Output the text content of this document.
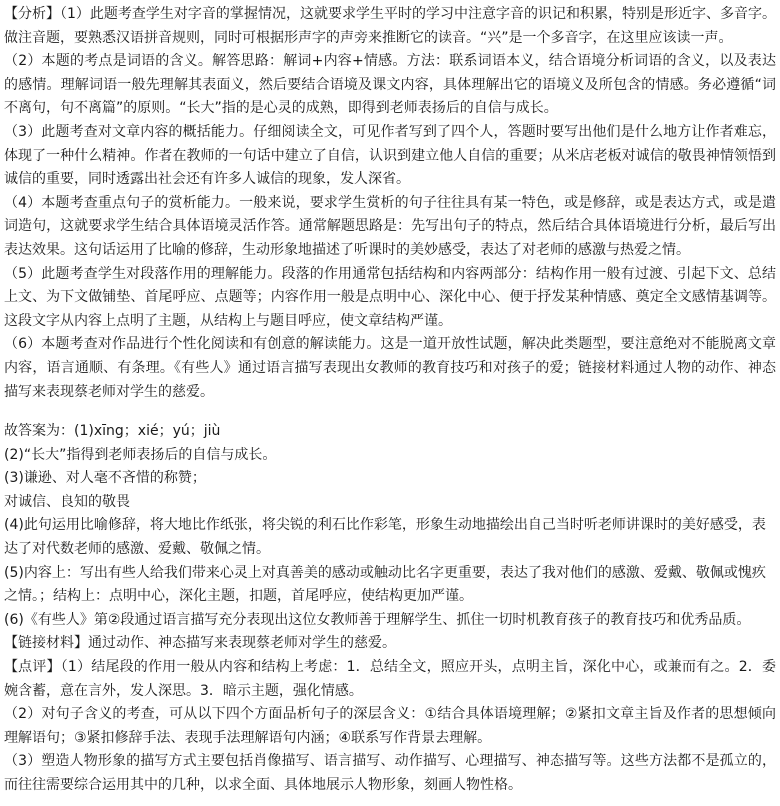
【分析】（1）此题考查学生对字音的掌握情况，这就要求学生平时的学习中注意字音的识记和积累，特别是形近字、多音字。做注音题，要熟悉汉语拼音规则，同时可根据形声字的声旁来推断它的读音。“兴”是一个多音字，在这里应该读一声。

（2）本题的考点是词语的含义。解答思路：解词+内容+情感。方法：联系词语本义，结合语境分析词语的含义，以及表达的感情。理解词语一般先理解其表面义，然后要结合语境及课文内容，具体理解出它的语境义及所包含的情感。务必遵循“词不离句，句不离篇”的原则。“长大”指的是心灵的成熟，即得到老师表扬后的自信与成长。

（3）此题考查对文章内容的概括能力。仔细阅读全文，可见作者写到了四个人，答题时要写出他们是什么地方让作者难忘，体现了一种什么精神。作者在教师的一句话中建立了自信，认识到建立他人自信的重要；从米店老板对诚信的敬畏神情领悟到诚信的重要，同时透露出社会还有许多人诚信的现象，发人深省。

（4）本题考查重点句子的赏析能力。一般来说，要求学生赏析的句子往往具有某一特色，或是修辞，或是表达方式，或是遣词造句，这就要求学生结合具体语境灵活作答。通常解题思路是：先写出句子的特点，然后结合具体语境进行分析，最后写出表达效果。这句话运用了比喻的修辞，生动形象地描述了听课时的美妙感受，表达了对老师的感激与热爱之情。

（5）此题考查学生对段落作用的理解能力。段落的作用通常包括结构和内容两部分：结构作用一般有过渡、引起下文、总结上文、为下文做铺垫、首尾呼应、点题等；内容作用一般是点明中心、深化中心、便于抒发某种情感、奠定全文感情基调等。这段文字从内容上点明了主题，从结构上与题目呼应，使文章结构严谨。

（6）本题考查对作品进行个性化阅读和有创意的解读能力。这是一道开放性试题，解决此类题型，要注意绝对不能脱离文章内容，语言通顺、有条理。《有些人》通过语言描写表现出女教师的教育技巧和对孩子的爱；链接材料通过人物的动作、神态描写来表现蔡老师对学生的慈爱。

故答案为：(1)xīng；xié；yú；jiù

(2)“长大”指得到老师表扬后的自信与成长。

(3)谦逊、对人毫不吝惜的称赞；

对诚信、良知的敬畏

(4)此句运用比喻修辞，将大地比作纸张，将尖锐的利石比作彩笔，形象生动地描绘出自己当时听老师讲课时的美好感受，表达了对代数老师的感激、爱戴、敬佩之情。

(5)内容上：写出有些人给我们带来心灵上对真善美的感动或触动比名字更重要，表达了我对他们的感激、爱戴、敬佩或愧疚之情。；结构上：点明中心，深化主题，扣题，首尾呼应，使结构更加严谨。

(6)《有些人》第②段通过语言描写充分表现出这位女教师善于理解学生、抓住一切时机教育孩子的教育技巧和优秀品质。

【链接材料】通过动作、神态描写来表现蔡老师对学生的慈爱。

【点评】（1）结尾段的作用一般从内容和结构上考虑：1．总结全文，照应开头，点明主旨，深化中心，或兼而有之。2．委婉含蓄，意在言外，发人深思。3．暗示主题，强化情感。

（2）对句子含义的考查，可从以下四个方面品析句子的深层含义：①结合具体语境理解；②紧扣文章主旨及作者的思想倾向理解语句；③紧扣修辞手法、表现手法理解语句内涵；④联系写作背景去理解。

（3）塑造人物形象的描写方式主要包括肖像描写、语言描写、动作描写、心理描写、神态描写等。这些方法都不是孤立的，而往往需要综合运用其中的几种，以求全面、具体地展示人物形象，刻画人物性格。
